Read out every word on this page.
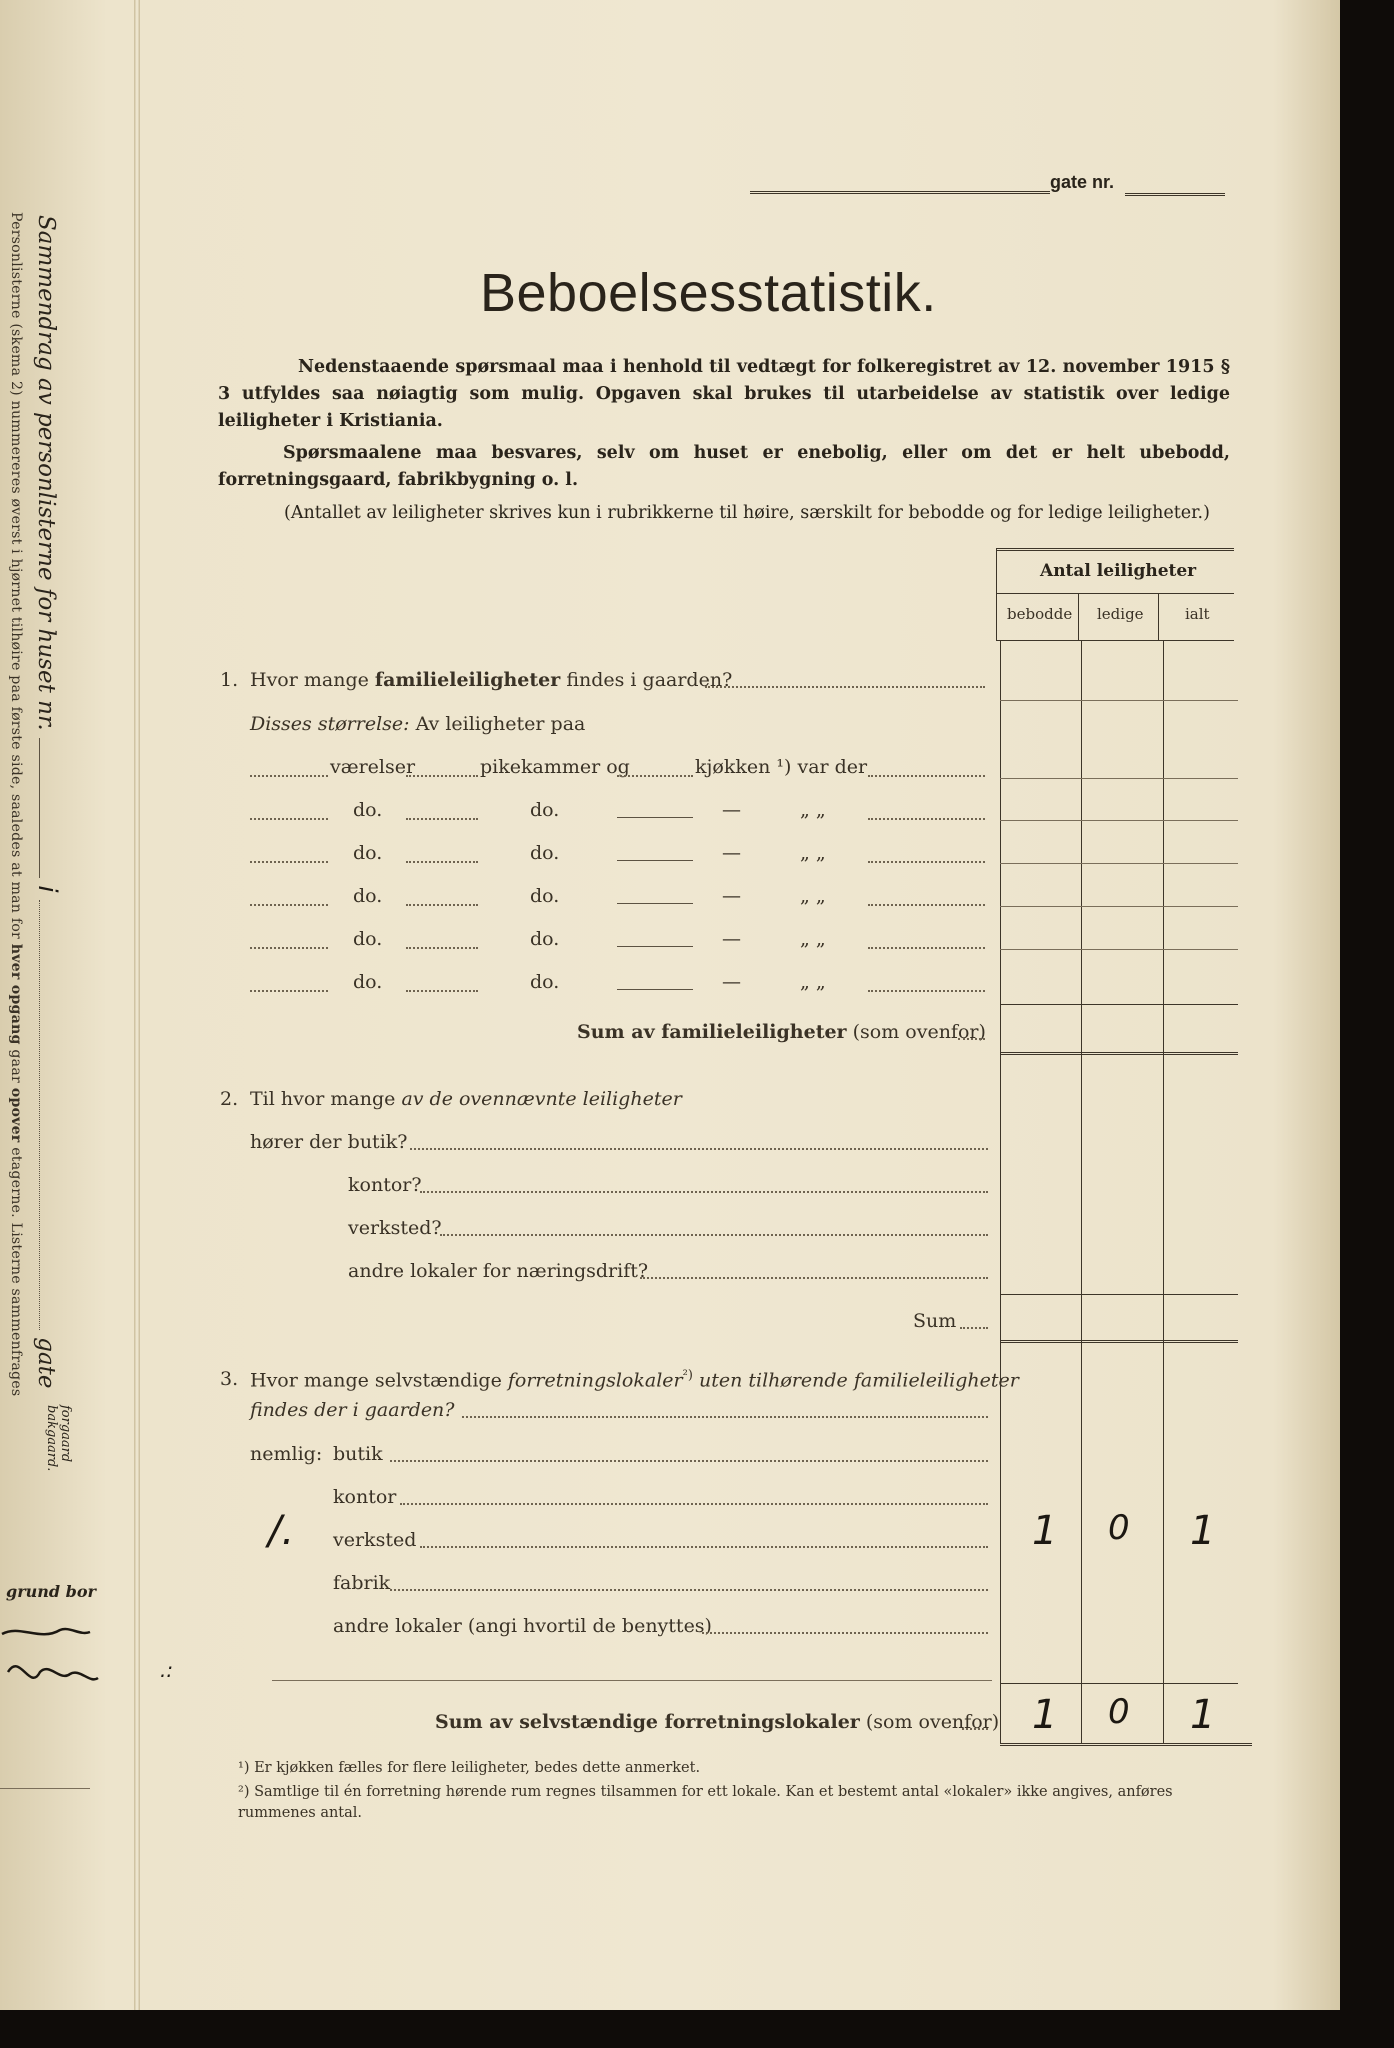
Sammendrag av personlisterne for huset nr.  i  gate
forgaard
bakgaard.
Personlisterne (skema 2) nummereres øverst i hjørnet tilhøire paa første side, saaledes at man for hver opgang gaar opover etagerne. Listerne sammenfrages
grund bor
gate nr.
Beboelsesstatistik.
Nedenstaaende spørsmaal maa i henhold til vedtægt for folkeregistret av 12. november 1915 § 3 utfyldes saa nøiagtig som mulig. Opgaven skal brukes til utarbeidelse av statistik over ledige leiligheter i Kristiania.
Spørsmaalene maa besvares, selv om huset er enebolig, eller om det er helt ubebodd, forretningsgaard, fabrikbygning o. l.
(Antallet av leiligheter skrives kun i rubrikkerne til høire, særskilt for bebodde og for ledige leiligheter.)
Antal leiligheter
bebodde ledige	ialt
1. Hvor mange familieleiligheter findes i gaarden?
Disses størrelse: Av leiligheter paa
værelser	pikekammer og	kjøkken ¹) var der
do.	do.	—	„ „
do.	do.	—	„ „
do.	do.	—	„ „
do.	do.	—	„ „
do.	do.	—	„ „
Sum av familieleiligheter (som ovenfor)
2. Til hvor mange av de ovennævnte leiligheter
hører der butik?
kontor?
verksted?
andre lokaler for næringsdrift?
Sum
3. Hvor mange selvstændige forretningslokaler$^{^2)}$ uten tilhørende familieleiligheter
findes der i gaarden?
nemlig: butik
kontor
/. verksted	1 0 1
fabrik
andre lokaler (angi hvortil de benyttes)
.:
Sum av selvstændige forretningslokaler (som ovenfor) 1 0 1
¹) Er kjøkken fælles for flere leiligheter, bedes dette anmerket.
²) Samtlige til én forretning hørende rum regnes tilsammen for ett lokale. Kan et bestemt antal «lokaler» ikke angives, anføres rummenes antal.
